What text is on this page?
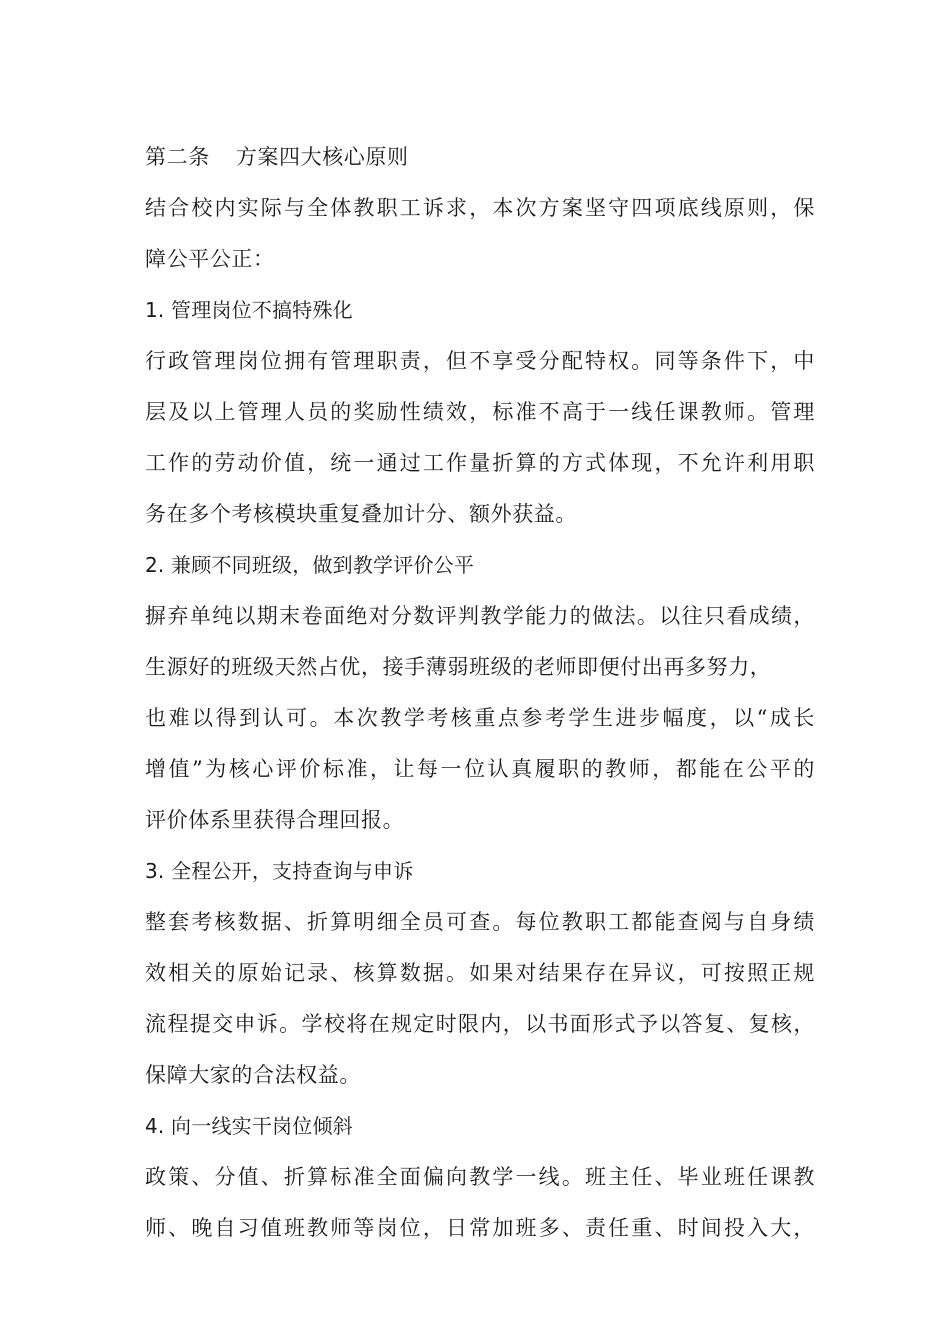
第二条 方案四大核心原则
结合校内实际与全体教职工诉求，本次方案坚守四项底线原则，保
障公平公正：
1. 管理岗位不搞特殊化
行政管理岗位拥有管理职责，但不享受分配特权。同等条件下，中
层及以上管理人员的奖励性绩效，标准不高于一线任课教师。管理
工作的劳动价值，统一通过工作量折算的方式体现，不允许利用职
务在多个考核模块重复叠加计分、额外获益。
2. 兼顾不同班级，做到教学评价公平
摒弃单纯以期末卷面绝对分数评判教学能力的做法。以往只看成绩，
生源好的班级天然占优，接手薄弱班级的老师即便付出再多努力，
也难以得到认可。本次教学考核重点参考学生进步幅度，以“成长
增值”为核心评价标准，让每一位认真履职的教师，都能在公平的
评价体系里获得合理回报。
3. 全程公开，支持查询与申诉
整套考核数据、折算明细全员可查。每位教职工都能查阅与自身绩
效相关的原始记录、核算数据。如果对结果存在异议，可按照正规
流程提交申诉。学校将在规定时限内，以书面形式予以答复、复核，
保障大家的合法权益。
4. 向一线实干岗位倾斜
政策、分值、折算标准全面偏向教学一线。班主任、毕业班任课教
师、晚自习值班教师等岗位，日常加班多、责任重、时间投入大，
